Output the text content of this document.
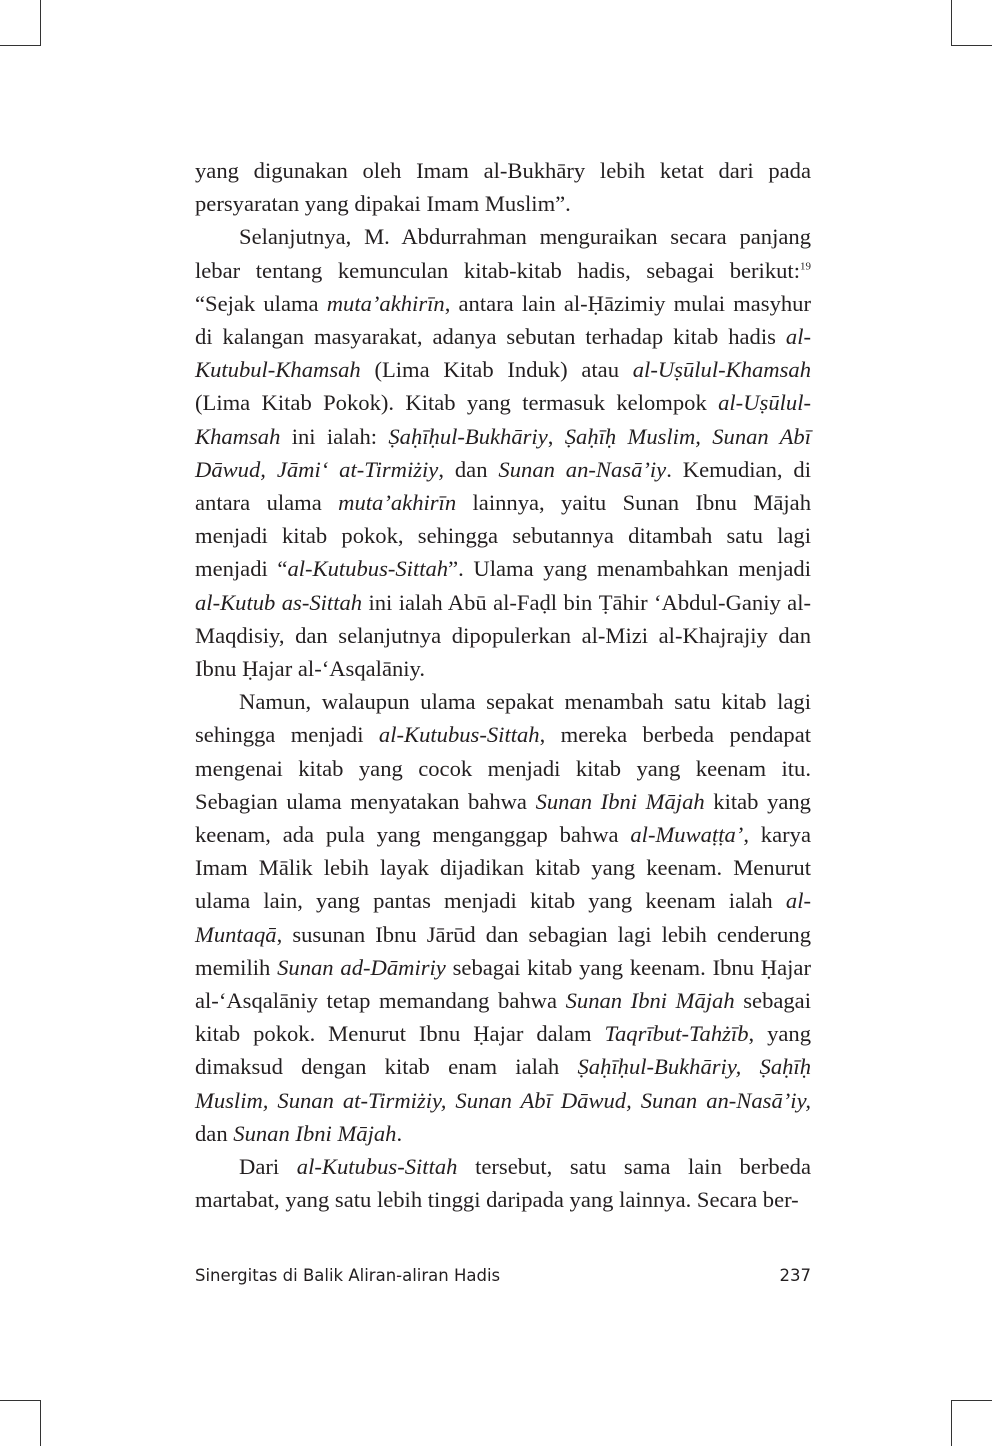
yang digunakan oleh Imam al-Bukhāry lebih ketat dari pada persyaratan yang dipakai Imam Muslim”.

Selanjutnya, M. Abdurrahman menguraikan secara panjang lebar tentang kemunculan kitab-kitab hadis, sebagai berikut:$^{19}$ “Sejak ulama muta’akhirīn, antara lain al-Ḥāzimiy mulai masyhur di kalangan masyarakat, adanya sebutan terhadap kitab hadis al-Kutubul-Khamsah (Lima Kitab Induk) atau al-Uṣūlul-Khamsah (Lima Kitab Pokok). Kitab yang termasuk kelompok al-Uṣūlul-Khamsah ini ialah: Ṣaḥīḥul-Bukhāriy, Ṣaḥīḥ Muslim, Sunan Abī Dāwud, Jāmi‘ at-Tirmiżiy, dan Sunan an-Nasā’iy. Kemudian, di antara ulama muta’akhirīn lainnya, yaitu Sunan Ibnu Mājah menjadi kitab pokok, sehingga sebutannya ditambah satu lagi menjadi “al-Kutubus-Sittah”. Ulama yang menambahkan menjadi al-Kutub as-Sittah ini ialah Abū al-Faḍl bin Ṭāhir ‘Abdul-Ganiy al-Maqdisiy, dan selanjutnya dipopulerkan al-Mizi al-Khajrajiy dan Ibnu Ḥajar al-‘Asqalāniy.

Namun, walaupun ulama sepakat menambah satu kitab lagi sehingga menjadi al-Kutubus-Sittah, mereka berbeda pendapat mengenai kitab yang cocok menjadi kitab yang keenam itu. Sebagian ulama menyatakan bahwa Sunan Ibni Mājah kitab yang keenam, ada pula yang menganggap bahwa al-Muwaṭṭa’, karya Imam Mālik lebih layak dijadikan kitab yang keenam. Menurut ulama lain, yang pantas menjadi kitab yang keenam ialah al-Muntaqā, susunan Ibnu Jārūd dan sebagian lagi lebih cenderung memilih Sunan ad-Dāmiriy sebagai kitab yang keenam. Ibnu Ḥajar al-‘Asqalāniy tetap memandang bahwa Sunan Ibni Mājah sebagai kitab pokok. Menurut Ibnu Ḥajar dalam Taqrībut-Tahżīb, yang dimaksud dengan kitab enam ialah Ṣaḥīḥul-Bukhāriy, Ṣaḥīḥ Muslim, Sunan at-Tirmiżiy, Sunan Abī Dāwud, Sunan an-Nasā’iy, dan Sunan Ibni Mājah.

Dari al-Kutubus-Sittah tersebut, satu sama lain berbeda martabat, yang satu lebih tinggi daripada yang lainnya. Secara ber-

Sinergitas di Balik Aliran-aliran Hadis	237
